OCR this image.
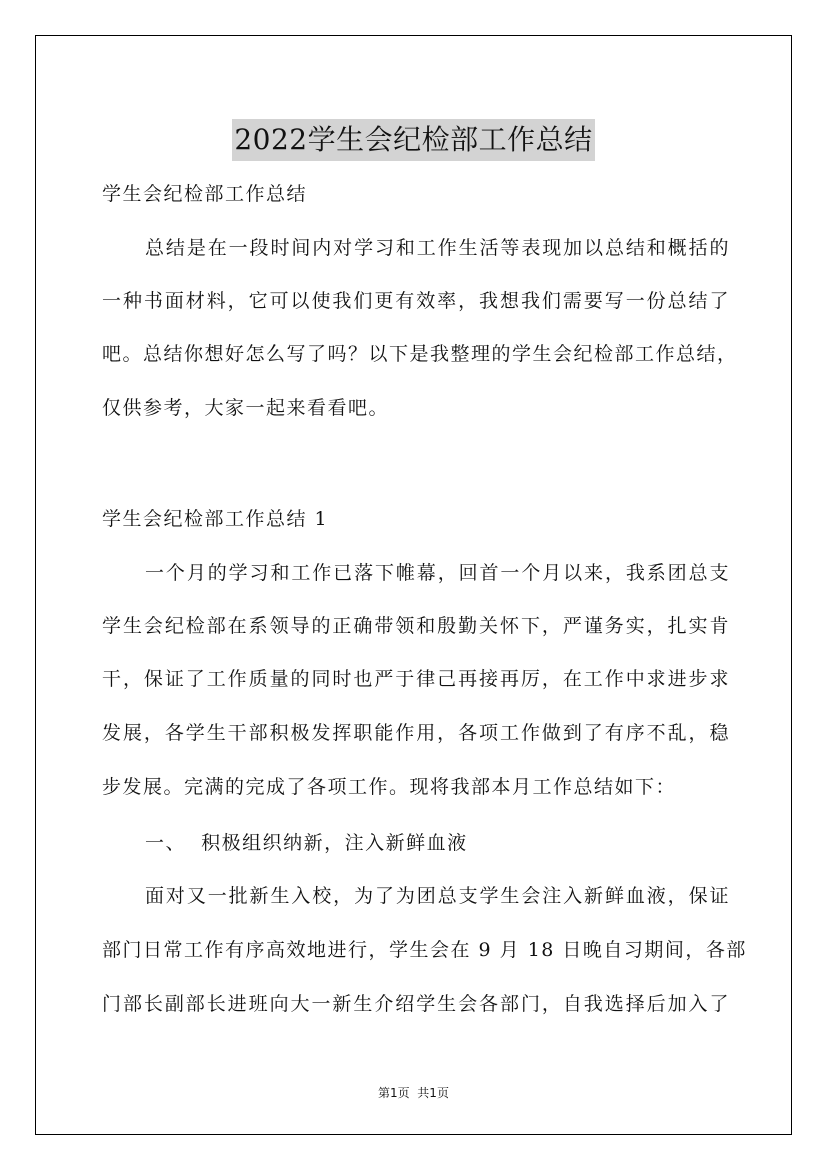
2022学生会纪检部工作总结
学生会纪检部工作总结
总结是在一段时间内对学习和工作生活等表现加以总结和概括的
一种书面材料，它可以使我们更有效率，我想我们需要写一份总结了
吧。总结你想好怎么写了吗？以下是我整理的学生会纪检部工作总结，
仅供参考，大家一起来看看吧。
学生会纪检部工作总结 1
一个月的学习和工作已落下帷幕，回首一个月以来，我系团总支
学生会纪检部在系领导的正确带领和殷勤关怀下，严谨务实，扎实肯
干，保证了工作质量的同时也严于律己再接再厉，在工作中求进步求
发展，各学生干部积极发挥职能作用，各项工作做到了有序不乱，稳
步发展。完满的完成了各项工作。现将我部本月工作总结如下：
一、  积极组织纳新，注入新鲜血液
面对又一批新生入校，为了为团总支学生会注入新鲜血液，保证
部门日常工作有序高效地进行，学生会在 9 月 18 日晚自习期间，各部
门部长副部长进班向大一新生介绍学生会各部门，自我选择后加入了
第1页  共1页
